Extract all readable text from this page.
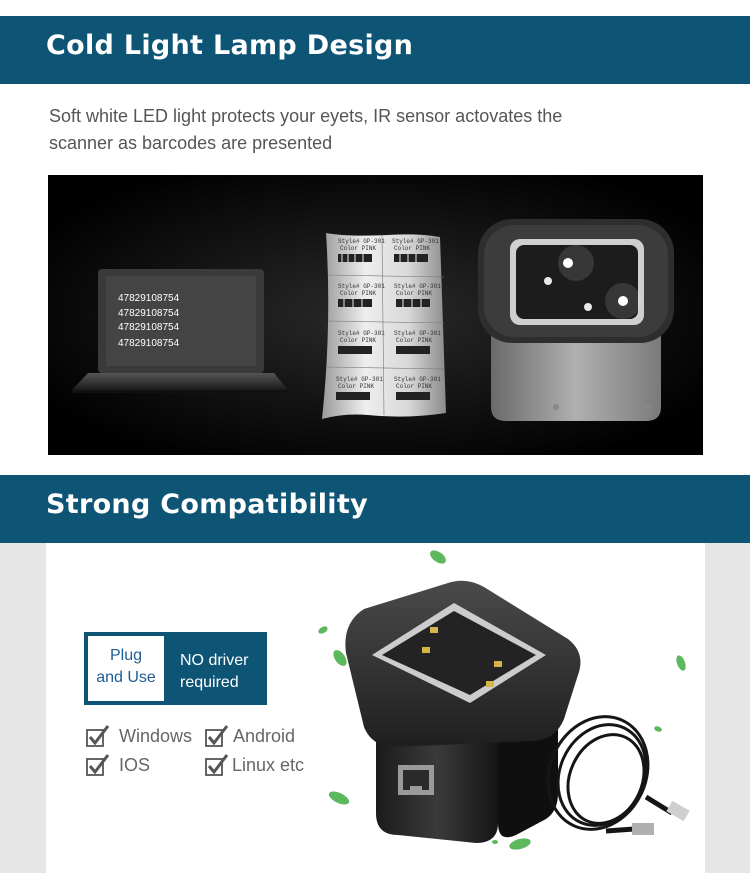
Cold Light Lamp Design
Soft white LED light protects your eyets, IR sensor actovates the
scanner as barcodes are presented
47829108754
47829108754
47829108754
47829108754
Style# GP-301
Color PINK
Style# GP-301
Color PINK
Style# GP-301
Color PINK
Style# GP-301
Color PINK
Style# GP-301
Color PINK
Style# GP-301
Color PINK
Style# GP-301
Color PINK
Style# GP-301
Color PINK
Strong Compatibility
Plug
and Use
NO driver
required
Windows Android
IOS	Linux etc
